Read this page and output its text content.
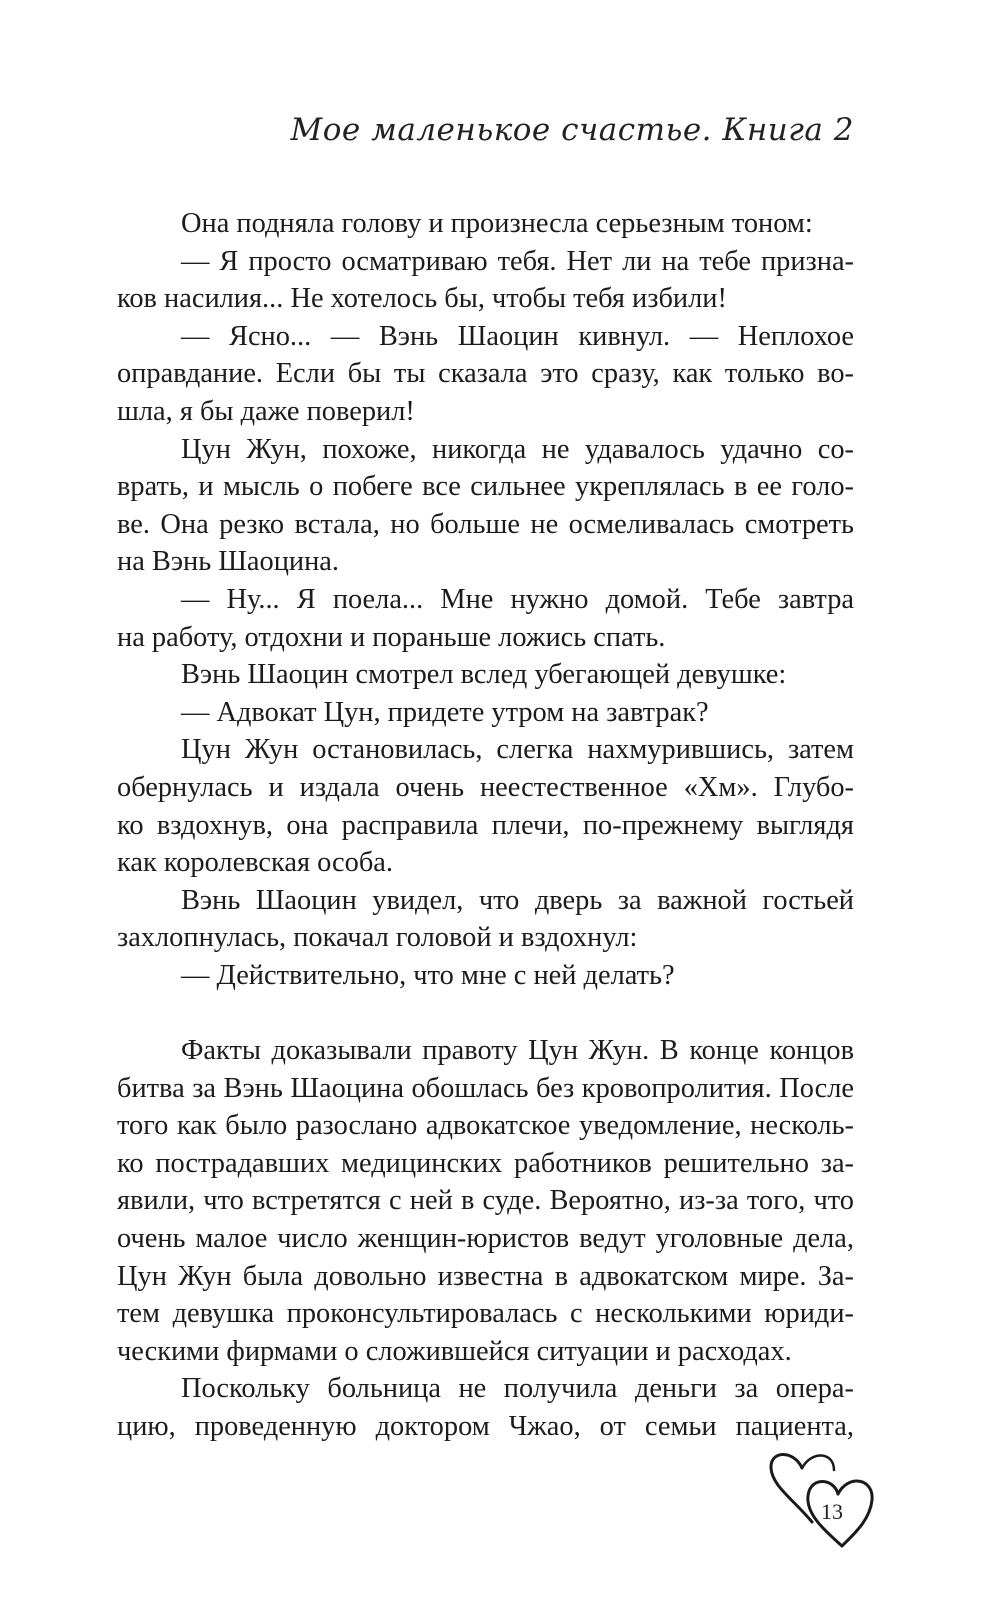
Мое маленькое счастье. Книга 2
Она подняла голову и произнесла серьезным тоном:
— Я просто осматриваю тебя. Нет ли на тебе призна-
ков насилия... Не хотелось бы, чтобы тебя избили!
— Ясно... — Вэнь Шаоцин кивнул. — Неплохое
оправдание. Если бы ты сказала это сразу, как только во-
шла, я бы даже поверил!
Цун Жун, похоже, никогда не удавалось удачно со-
врать, и мысль о побеге все сильнее укреплялась в ее голо-
ве. Она резко встала, но больше не осмеливалась смотреть
на Вэнь Шаоцина.
— Ну... Я поела... Мне нужно домой. Тебе завтра
на работу, отдохни и пораньше ложись спать.
Вэнь Шаоцин смотрел вслед убегающей девушке:
— Адвокат Цун, придете утром на завтрак?
Цун Жун остановилась, слегка нахмурившись, затем
обернулась и издала очень неестественное «Хм». Глубо-
ко вздохнув, она расправила плечи, по-прежнему выглядя
как королевская особа.
Вэнь Шаоцин увидел, что дверь за важной гостьей
захлопнулась, покачал головой и вздохнул:
— Действительно, что мне с ней делать?
Факты доказывали правоту Цун Жун. В конце концов
битва за Вэнь Шаоцина обошлась без кровопролития. После
того как было разослано адвокатское уведомление, несколь-
ко пострадавших медицинских работников решительно за-
явили, что встретятся с ней в суде. Вероятно, из-за того, что
очень малое число женщин-юристов ведут уголовные дела,
Цун Жун была довольно известна в адвокатском мире. За-
тем девушка проконсультировалась с несколькими юриди-
ческими фирмами о сложившейся ситуации и расходах.
Поскольку больница не получила деньги за опера-
цию, проведенную доктором Чжао, от семьи пациента,
13
